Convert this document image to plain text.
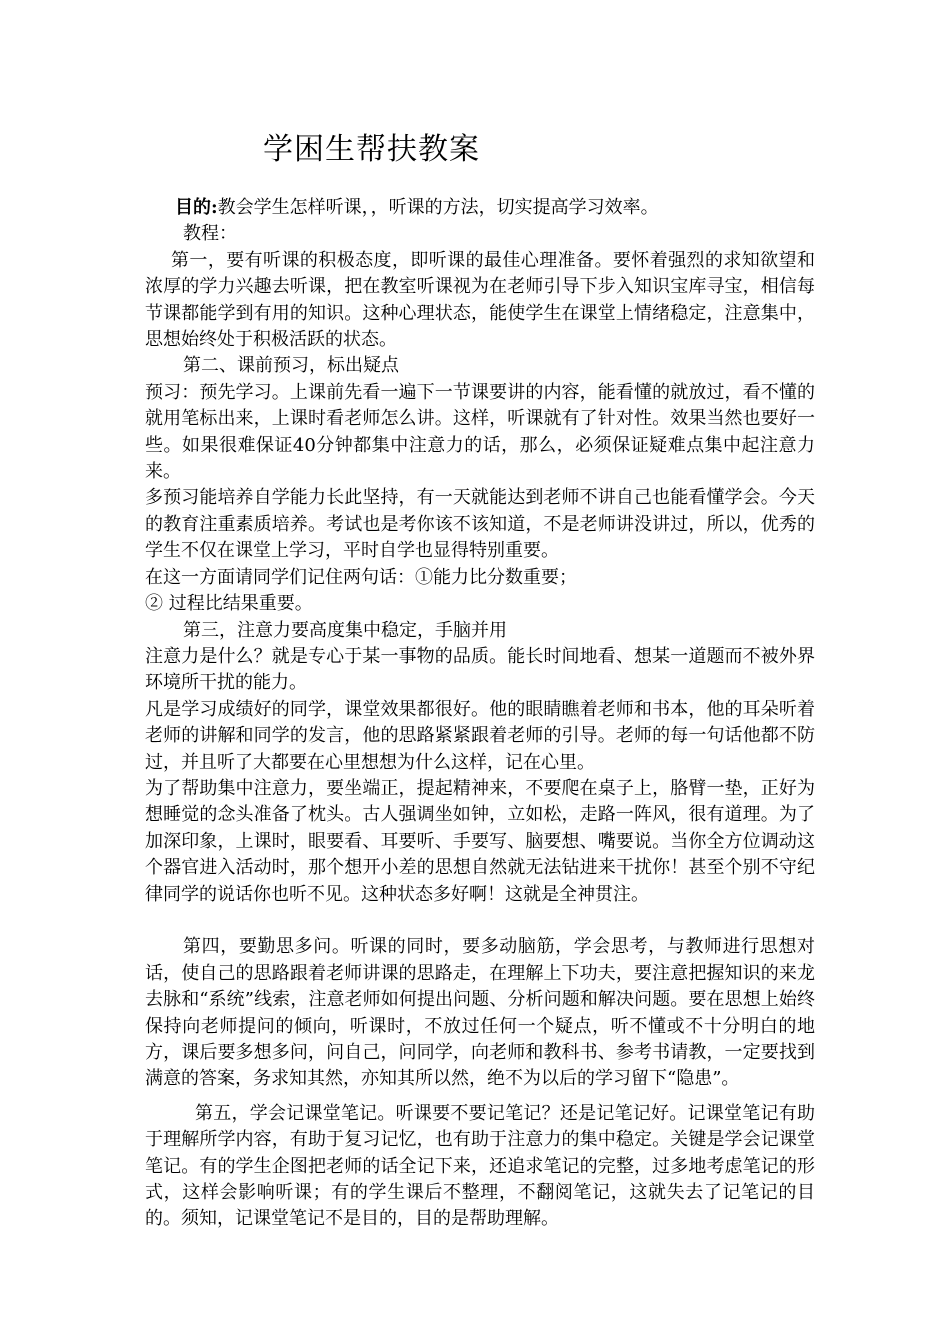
学困生帮扶教案

目的:教会学生怎样听课，，听课的方法，切实提高学习效率。

教程：

第一，要有听课的积极态度，即听课的最佳心理准备。要怀着强烈的求知欲望和浓厚的学力兴趣去听课，把在教室听课视为在老师引导下步入知识宝库寻宝，相信每节课都能学到有用的知识。这种心理状态，能使学生在课堂上情绪稳定，注意集中，思想始终处于积极活跃的状态。

第二、课前预习，标出疑点

预习：预先学习。上课前先看一遍下一节课要讲的内容，能看懂的就放过，看不懂的就用笔标出来，上课时看老师怎么讲。这样，听课就有了针对性。效果当然也要好一些。如果很难保证40分钟都集中注意力的话，那么，必须保证疑难点集中起注意力来。

多预习能培养自学能力长此坚持，有一天就能达到老师不讲自己也能看懂学会。今天的教育注重素质培养。考试也是考你该不该知道，不是老师讲没讲过，所以，优秀的学生不仅在课堂上学习，平时自学也显得特别重要。

在这一方面请同学们记住两句话：①能力比分数重要；

② 过程比结果重要。

第三，注意力要高度集中稳定，手脑并用

注意力是什么？就是专心于某一事物的品质。能长时间地看、想某一道题而不被外界环境所干扰的能力。

凡是学习成绩好的同学，课堂效果都很好。他的眼睛瞧着老师和书本，他的耳朵听着老师的讲解和同学的发言，他的思路紧紧跟着老师的引导。老师的每一句话他都不防过，并且听了大都要在心里想想为什么这样，记在心里。

为了帮助集中注意力，要坐端正，提起精神来，不要爬在桌子上，胳臂一垫，正好为想睡觉的念头准备了枕头。古人强调坐如钟，立如松，走路一阵风，很有道理。为了加深印象，上课时，眼要看、耳要听、手要写、脑要想、嘴要说。当你全方位调动这个器官进入活动时，那个想开小差的思想自然就无法钻进来干扰你！甚至个别不守纪律同学的说话你也听不见。这种状态多好啊！这就是全神贯注。

第四，要勤思多问。听课的同时，要多动脑筋，学会思考，与教师进行思想对话，使自己的思路跟着老师讲课的思路走，在理解上下功夫，要注意把握知识的来龙去脉和“系统”线索，注意老师如何提出问题、分析问题和解决问题。要在思想上始终保持向老师提问的倾向，听课时，不放过任何一个疑点，听不懂或不十分明白的地方，课后要多想多问，问自己，问同学，向老师和教科书、参考书请教，一定要找到满意的答案，务求知其然，亦知其所以然，绝不为以后的学习留下“隐患”。

第五，学会记课堂笔记。听课要不要记笔记？还是记笔记好。记课堂笔记有助于理解所学内容，有助于复习记忆，也有助于注意力的集中稳定。关键是学会记课堂笔记。有的学生企图把老师的话全记下来，还追求笔记的完整，过多地考虑笔记的形式，这样会影响听课；有的学生课后不整理，不翻阅笔记，这就失去了记笔记的目的。须知，记课堂笔记不是目的，目的是帮助理解。
